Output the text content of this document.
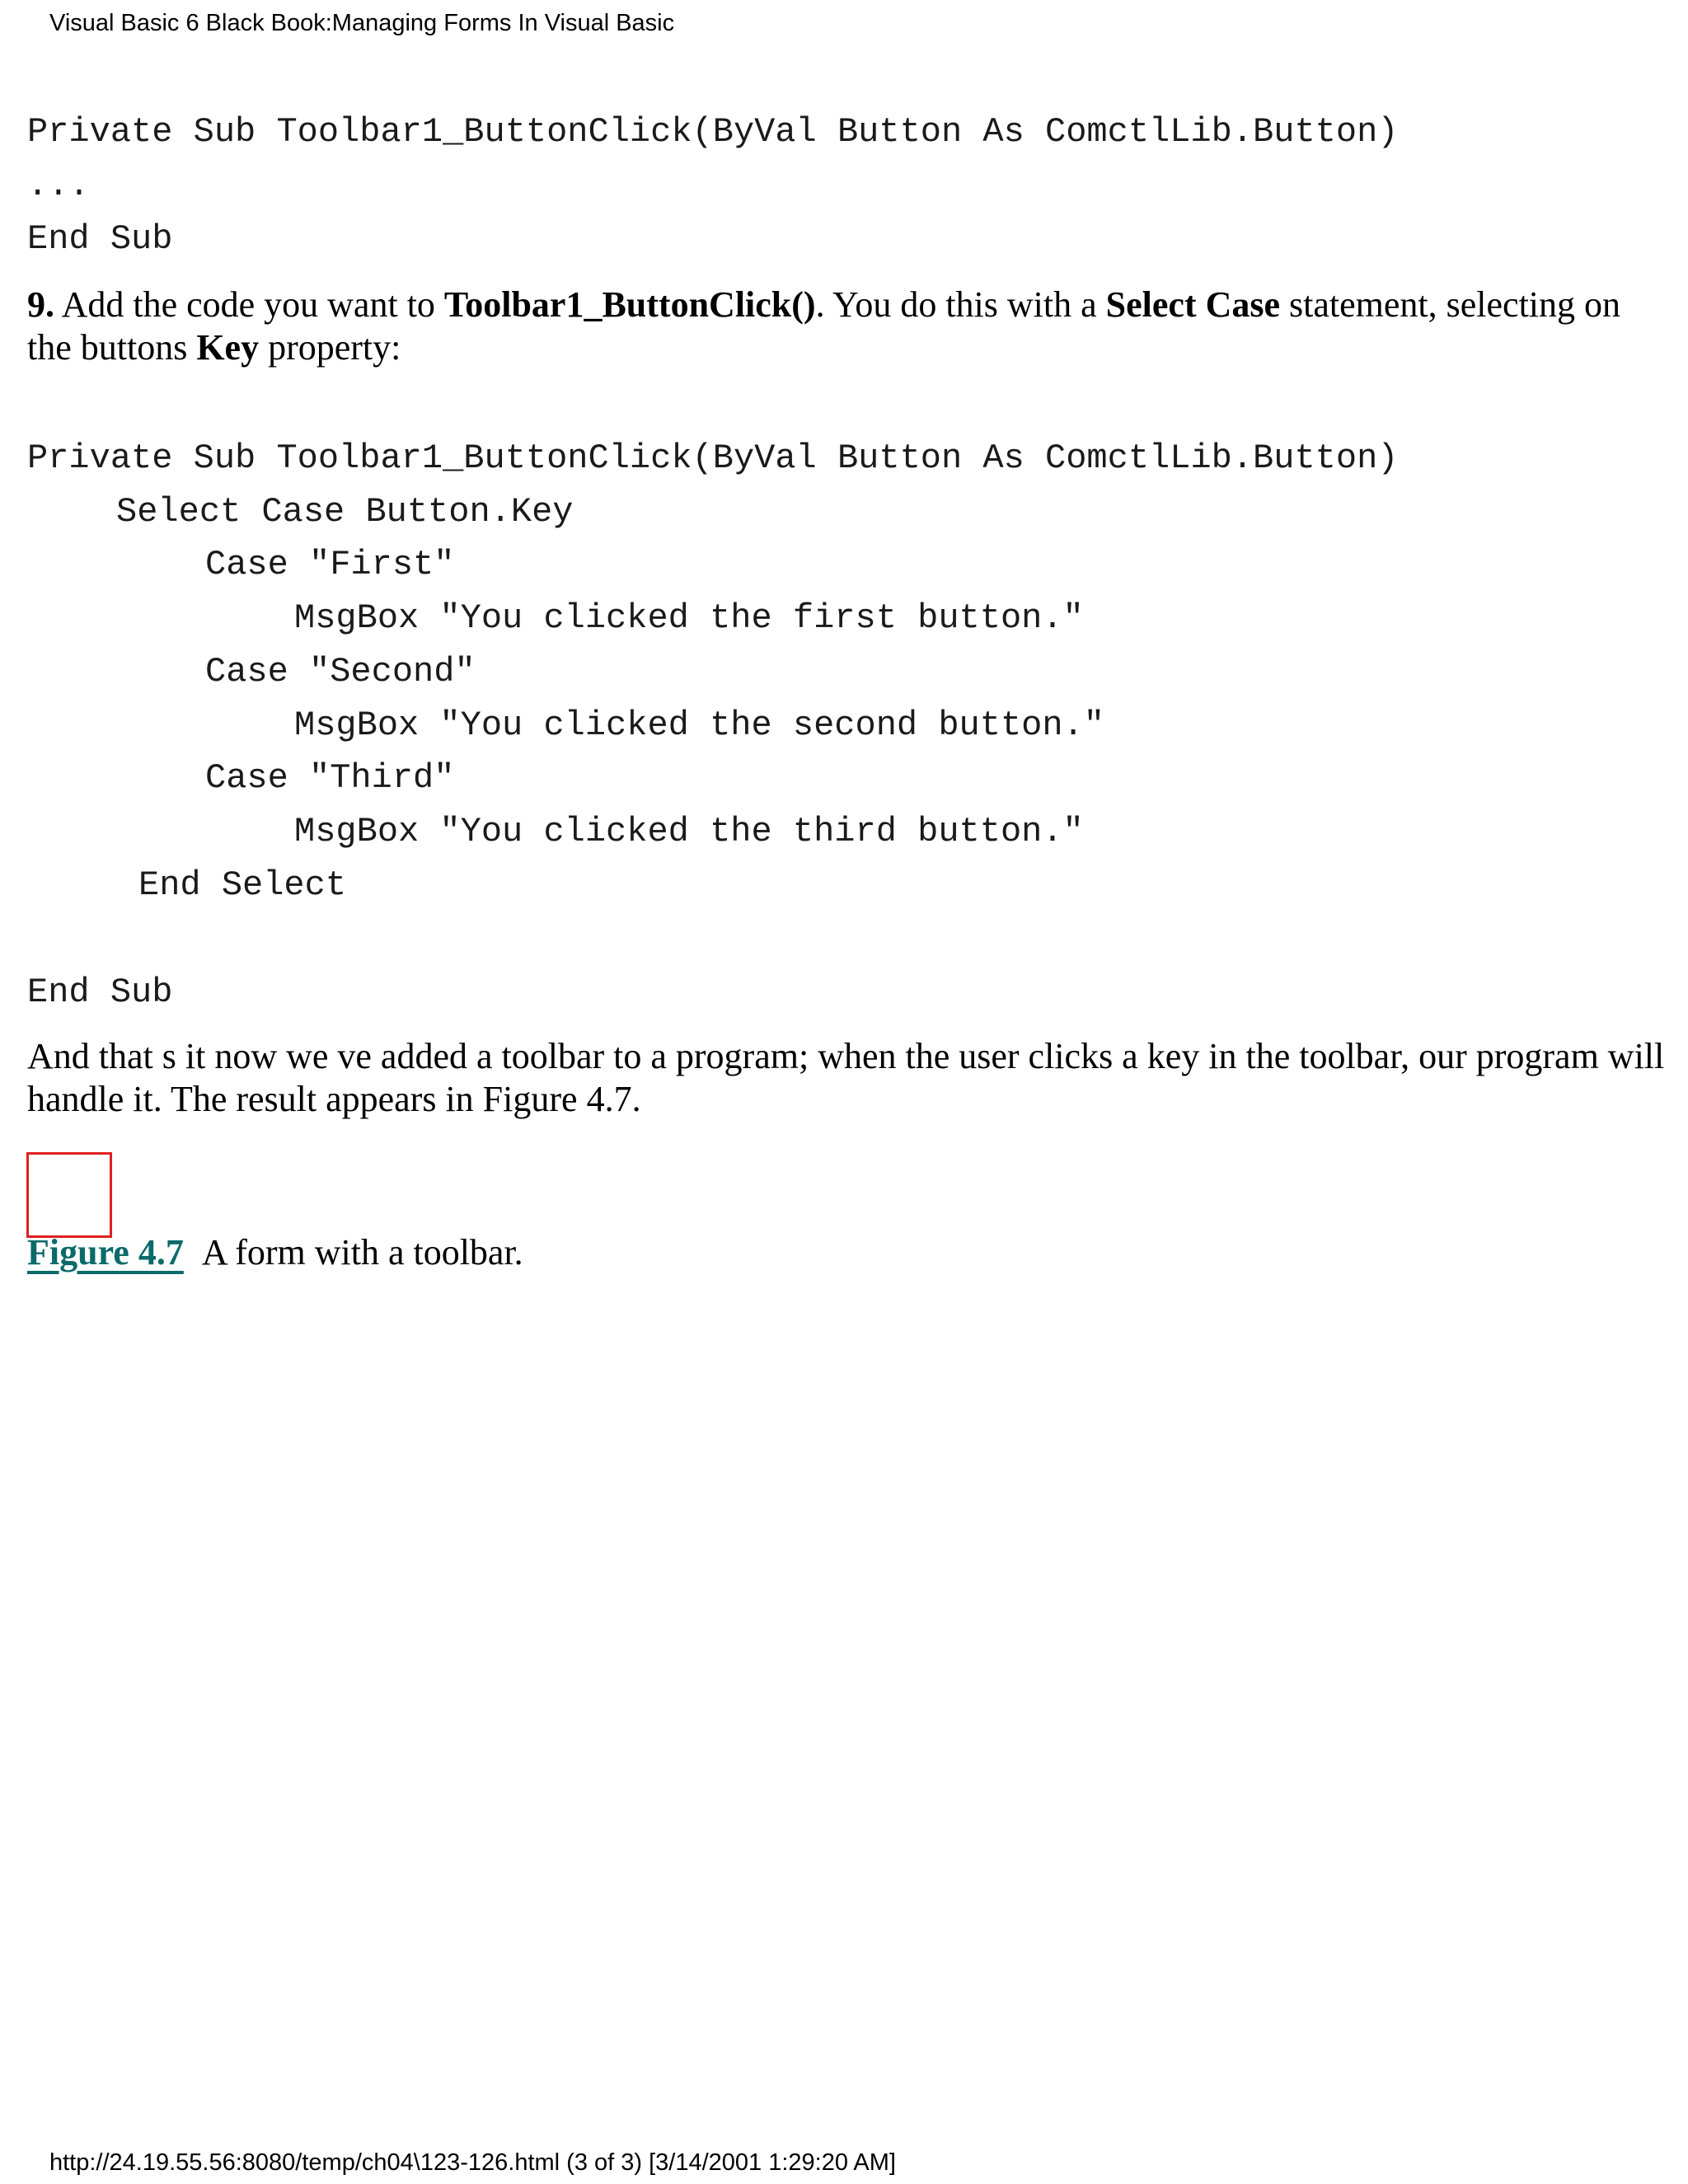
Visual Basic 6 Black Book:Managing Forms In Visual Basic
Private Sub Toolbar1_ButtonClick(ByVal Button As ComctlLib.Button)
...
End Sub
9. Add the code you want to Toolbar1_ButtonClick(). You do this with a Select Case statement, selecting on the buttons Key property:
Private Sub Toolbar1_ButtonClick(ByVal Button As ComctlLib.Button)
Select Case Button.Key
Case "First"
MsgBox "You clicked the first button."
Case "Second"
MsgBox "You clicked the second button."
Case "Third"
MsgBox "You clicked the third button."
End Select
End Sub
And that s it now we ve added a toolbar to a program; when the user clicks a key in the toolbar, our program will handle it. The result appears in Figure 4.7.
Figure 4.7 A form with a toolbar.
http://24.19.55.56:8080/temp/ch04\123-126.html (3 of 3) [3/14/2001 1:29:20 AM]
